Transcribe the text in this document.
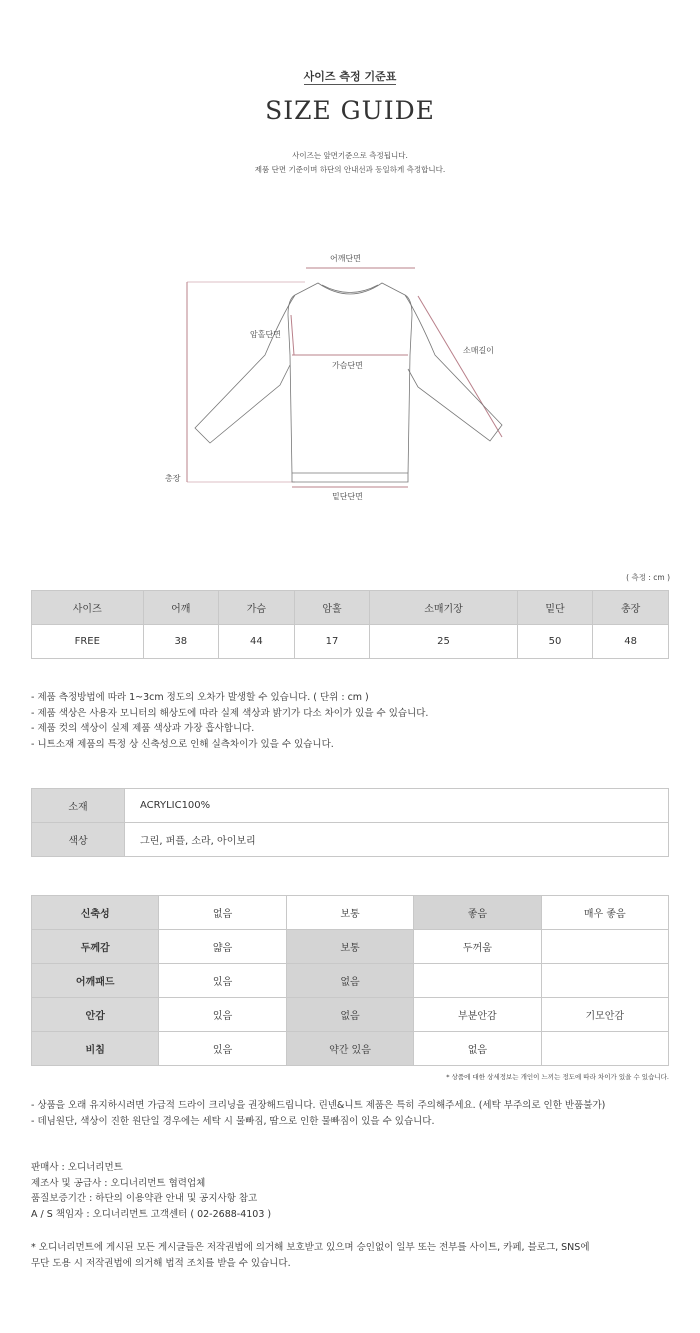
사이즈 측정 기준표
SIZE GUIDE
사이즈는 앞면기준으로 측정됩니다.
제품 단면 기준이며 하단의 안내선과 동일하게 측정합니다.
어깨단면
암홀단면
소매길이
가슴단면
총장
밑단단면
( 측정 : cm )
사이즈	어깨	가슴	암홀	소매기장	밑단	총장
FREE	38	44	17	25	50	48
- 제품 측정방법에 따라 1~3cm 정도의 오차가 발생할 수 있습니다. ( 단위 : cm )
- 제품 색상은 사용자 모니터의 해상도에 따라 실제 색상과 밝기가 다소 차이가 있을 수 있습니다.
- 제품 컷의 색상이 실제 제품 색상과 가장 흡사합니다.
- 니트소재 제품의 특정 상 신축성으로 인해 실측차이가 있을 수 있습니다.
소재	ACRYLIC100%
색상	그린, 퍼플, 소라, 아이보리
신축성	없음	보통	좋음	매우 좋음
두께감	얇음	보통	두꺼움	
어깨패드	있음	없음		
안감	있음	없음	부분안감	기모안감
비침	있음	약간 있음	없음	
* 상품에 대한 상세정보는 개인이 느끼는 정도에 따라 차이가 있을 수 있습니다.
- 상품을 오래 유지하시려면 가급적 드라이 크리닝을 권장해드립니다. 린넨&니트 제품은 특히 주의해주세요. (세탁 부주의로 인한 반품불가)
- 데님원단, 색상이 진한 원단일 경우에는 세탁 시 물빠짐, 땀으로 인한 물빠짐이 있을 수 있습니다.
판매사 : 오디너리먼트
제조사 및 공급사 : 오디너리먼트 협력업체
품질보증기간 : 하단의 이용약관 안내 및 공지사항 참고
A / S 책임자 : 오디너리먼트 고객센터 ( 02-2688-4103 )
* 오디너리먼트에 게시된 모든 게시글들은 저작권법에 의거해 보호받고 있으며 승인없이 일부 또는 전부를 사이트, 카페, 블로그, SNS에
무단 도용 시 저작권법에 의거해 법적 조치를 받을 수 있습니다.
